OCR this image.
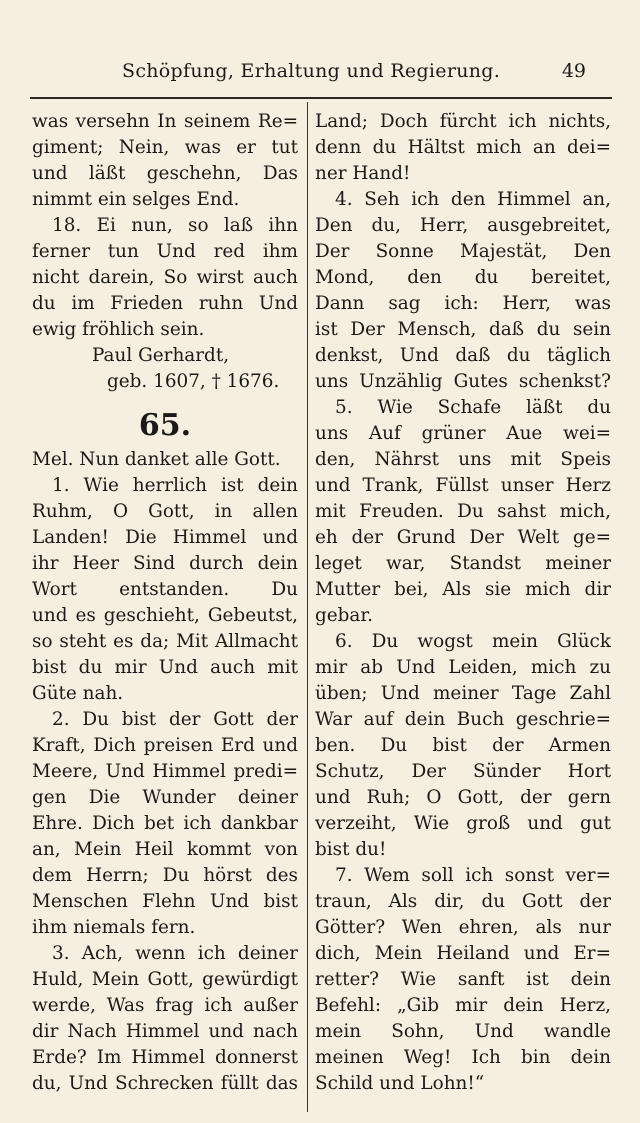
Schöpfung, Erhaltung und Regierung.	49
was versehn In seinem Re=
giment; Nein, was er tut
und läßt geschehn, Das
nimmt ein selges End.
18. Ei nun, so laß ihn
ferner tun Und red ihm
nicht darein, So wirst auch
du im Frieden ruhn Und
ewig fröhlich sein.
Paul Gerhardt,
geb. 1607, † 1676.
65.
Mel. Nun danket alle Gott.
1. Wie herrlich ist dein
Ruhm, O Gott, in allen
Landen! Die Himmel und
ihr Heer Sind durch dein
Wort entstanden. Du
und es geschieht, Gebeutst,
so steht es da; Mit Allmacht
bist du mir Und auch mit
Güte nah.
2. Du bist der Gott der
Kraft, Dich preisen Erd und
Meere, Und Himmel predi=
gen Die Wunder deiner
Ehre. Dich bet ich dankbar
an, Mein Heil kommt von
dem Herrn; Du hörst des
Menschen Flehn Und bist
ihm niemals fern.
3. Ach, wenn ich deiner
Huld, Mein Gott, gewürdigt
werde, Was frag ich außer
dir Nach Himmel und nach
Erde? Im Himmel donnerst
du, Und Schrecken füllt das
Land; Doch fürcht ich nichts,
denn du Hältst mich an dei=
ner Hand!
4. Seh ich den Himmel an,
Den du, Herr, ausgebreitet,
Der Sonne Majestät, Den
Mond, den du bereitet,
Dann sag ich: Herr, was
ist Der Mensch, daß du sein
denkst, Und daß du täglich
uns Unzählig Gutes schenkst?
5. Wie Schafe läßt du
uns Auf grüner Aue wei=
den, Nährst uns mit Speis
und Trank, Füllst unser Herz
mit Freuden. Du sahst mich,
eh der Grund Der Welt ge=
leget war, Standst meiner
Mutter bei, Als sie mich dir
gebar.
6. Du wogst mein Glück
mir ab Und Leiden, mich zu
üben; Und meiner Tage Zahl
War auf dein Buch geschrie=
ben. Du bist der Armen
Schutz, Der Sünder Hort
und Ruh; O Gott, der gern
verzeiht, Wie groß und gut
bist du!
7. Wem soll ich sonst ver=
traun, Als dir, du Gott der
Götter? Wen ehren, als nur
dich, Mein Heiland und Er=
retter? Wie sanft ist dein
Befehl: „Gib mir dein Herz,
mein Sohn, Und wandle
meinen Weg! Ich bin dein
Schild und Lohn!“
